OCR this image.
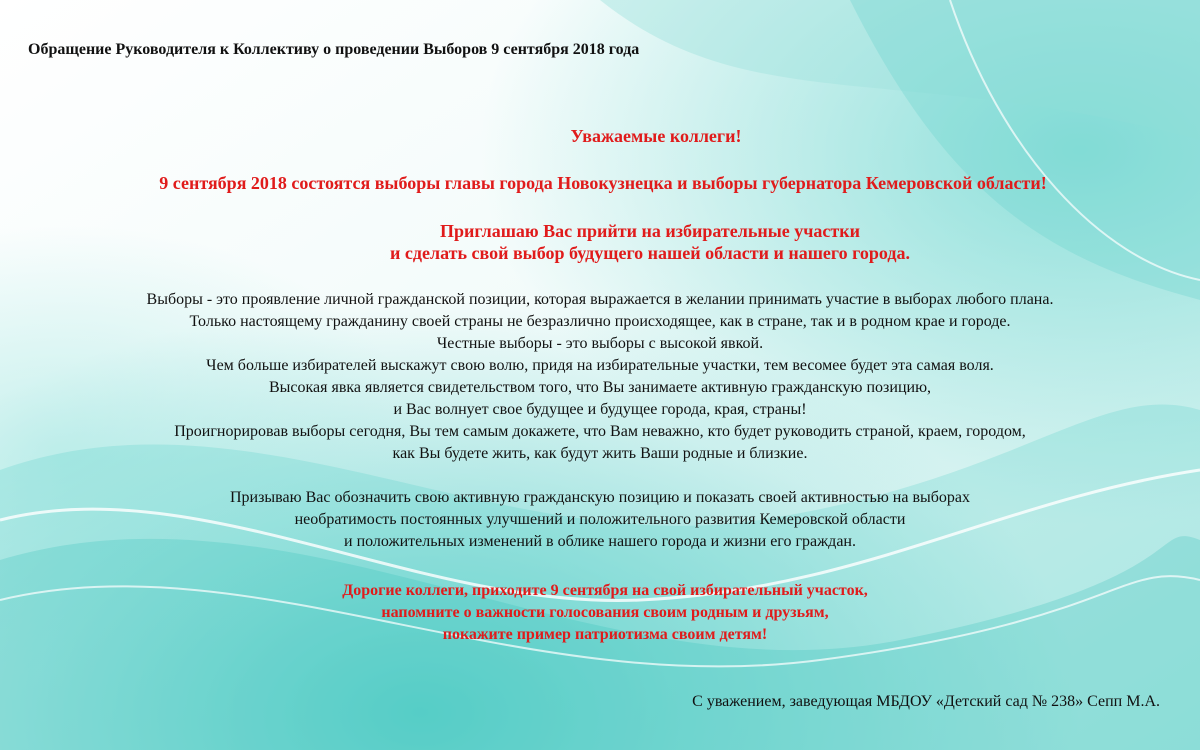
Обращение Руководителя к Коллективу о проведении Выборов 9 сентября 2018 года
Уважаемые коллеги!
9 сентября 2018 состоятся выборы главы города Новокузнецка и выборы губернатора Кемеровской области!
Приглашаю Вас прийти на избирательные участки
и сделать свой выбор будущего нашей области и нашего города.
Выборы - это проявление личной гражданской позиции, которая выражается в желании принимать участие в выборах любого плана.
Только настоящему гражданину своей страны не безразлично происходящее, как в стране, так и в родном крае и городе.
Честные выборы - это выборы с высокой явкой.
Чем больше избирателей выскажут свою волю, придя на избирательные участки, тем весомее будет эта самая воля.
Высокая явка является свидетельством того, что Вы занимаете активную гражданскую позицию,
и Вас волнует свое будущее и будущее города, края, страны!
Проигнорировав выборы сегодня, Вы тем самым докажете, что Вам неважно, кто будет руководить страной, краем, городом,
как Вы будете жить, как будут жить Ваши родные и близкие.
Призываю Вас обозначить свою активную гражданскую позицию и показать своей активностью на выборах
необратимость постоянных улучшений и положительного развития Кемеровской области
и положительных изменений в облике нашего города и жизни его граждан.
Дорогие коллеги, приходите 9 сентября на свой избирательный участок,
напомните о важности голосования своим родным и друзьям,
покажите пример патриотизма своим детям!
С уважением, заведующая МБДОУ «Детский сад № 238» Сепп М.А.
